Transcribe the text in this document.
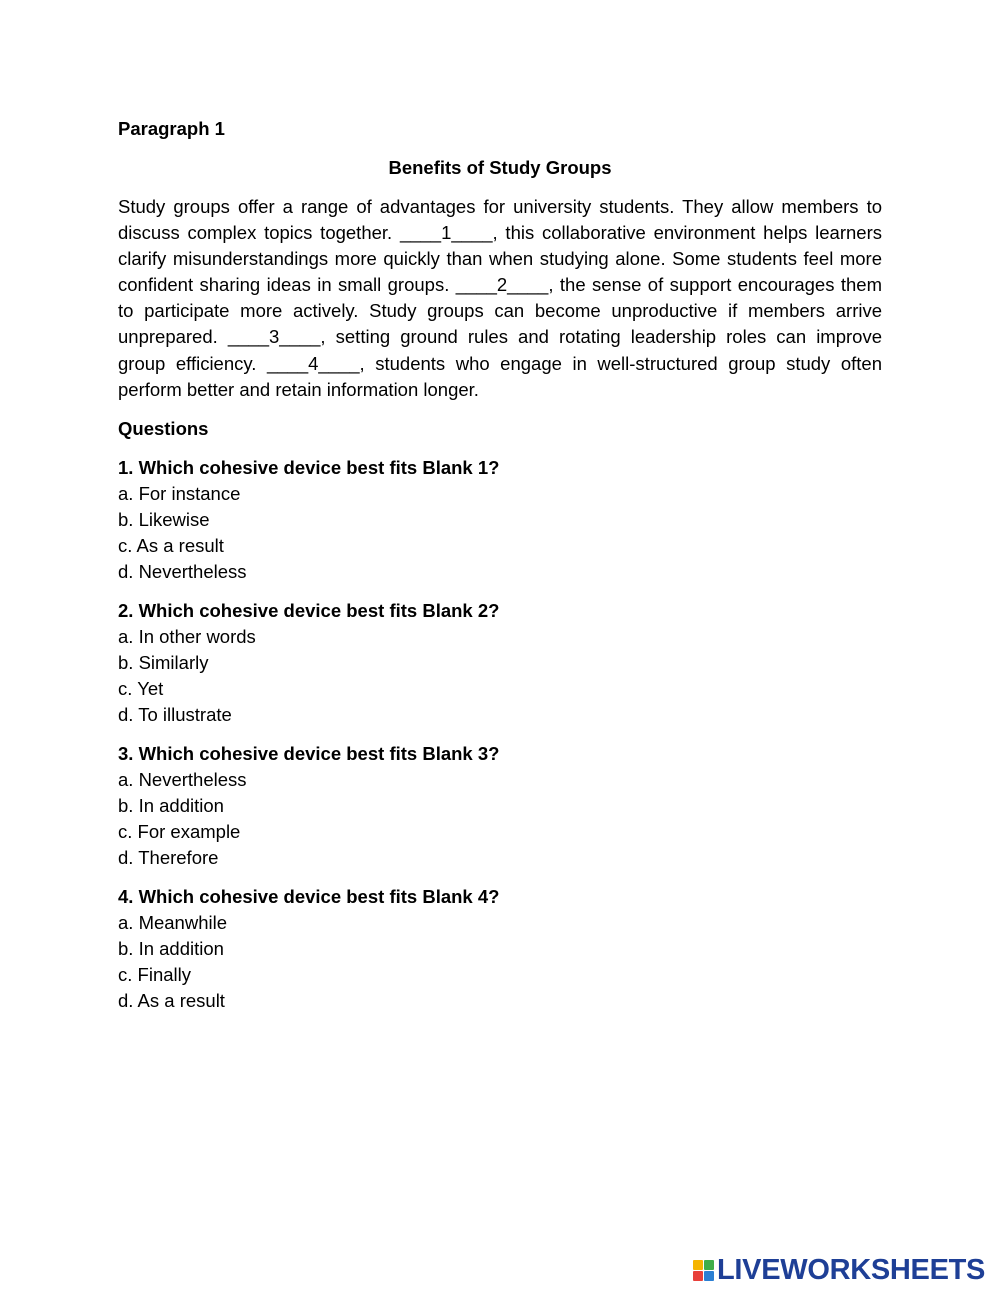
Paragraph 1
Benefits of Study Groups
Study groups offer a range of advantages for university students. They allow members to discuss complex topics together. ____1____, this collaborative environment helps learners clarify misunderstandings more quickly than when studying alone. Some students feel more confident sharing ideas in small groups. ____2____, the sense of support encourages them to participate more actively. Study groups can become unproductive if members arrive unprepared. ____3____, setting ground rules and rotating leadership roles can improve group efficiency. ____4____, students who engage in well-structured group study often perform better and retain information longer.
Questions
1. Which cohesive device best fits Blank 1?
a. For instance
b. Likewise
c. As a result
d. Nevertheless
2. Which cohesive device best fits Blank 2?
a. In other words
b. Similarly
c. Yet
d. To illustrate
3. Which cohesive device best fits Blank 3?
a. Nevertheless
b. In addition
c. For example
d. Therefore
4. Which cohesive device best fits Blank 4?
a. Meanwhile
b. In addition
c. Finally
d. As a result
LIVEWORKSHEETS
